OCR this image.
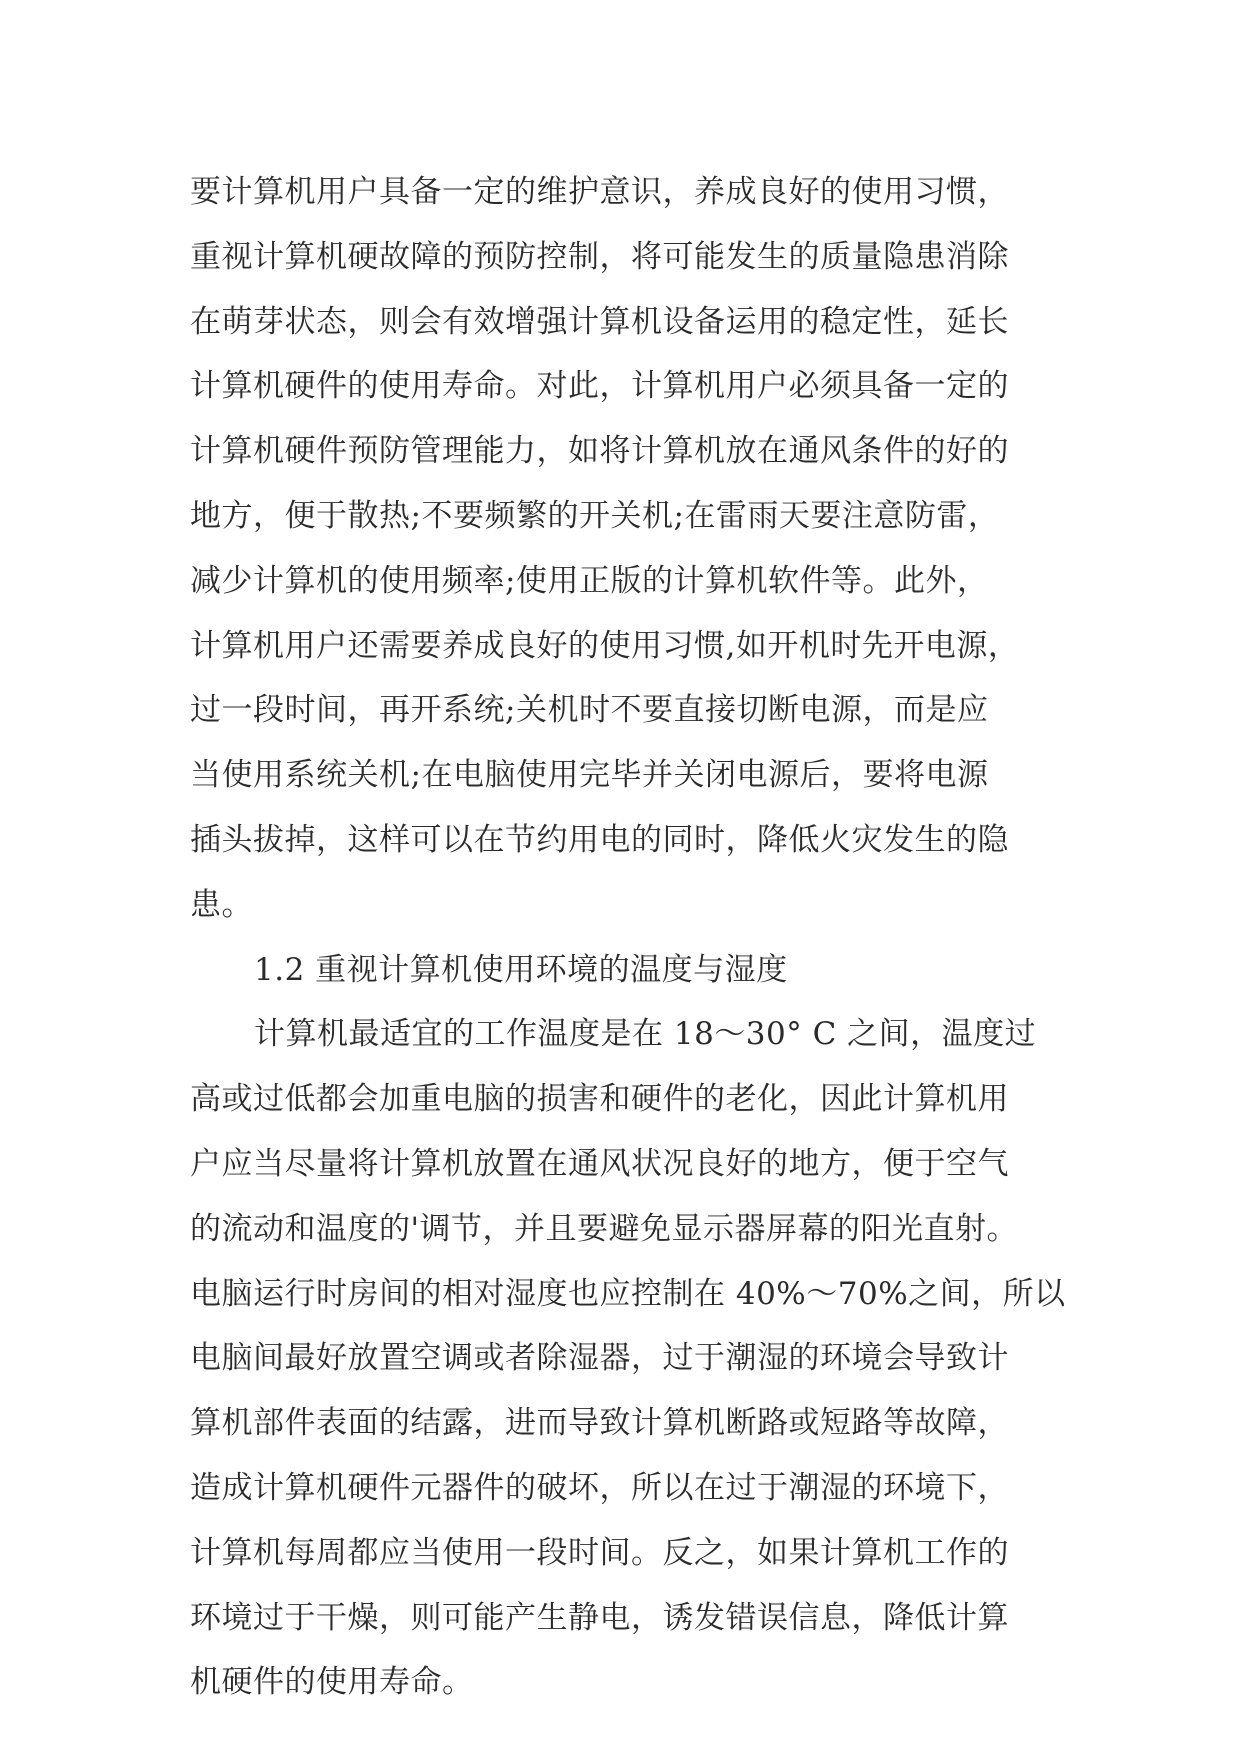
要计算机用户具备一定的维护意识，养成良好的使用习惯，
重视计算机硬故障的预防控制，将可能发生的质量隐患消除
在萌芽状态，则会有效增强计算机设备运用的稳定性，延长
计算机硬件的使用寿命。对此，计算机用户必须具备一定的
计算机硬件预防管理能力，如将计算机放在通风条件的好的
地方，便于散热;不要频繁的开关机;在雷雨天要注意防雷，
减少计算机的使用频率;使用正版的计算机软件等。此外，
计算机用户还需要养成良好的使用习惯,如开机时先开电源，
过一段时间，再开系统;关机时不要直接切断电源，而是应
当使用系统关机;在电脑使用完毕并关闭电源后，要将电源
插头拔掉，这样可以在节约用电的同时，降低火灾发生的隐
患。
1.2 重视计算机使用环境的温度与湿度
计算机最适宜的工作温度是在 18～30° C 之间，温度过
高或过低都会加重电脑的损害和硬件的老化，因此计算机用
户应当尽量将计算机放置在通风状况良好的地方，便于空气
的流动和温度的'调节，并且要避免显示器屏幕的阳光直射。
电脑运行时房间的相对湿度也应控制在 40%～70%之间，所以
电脑间最好放置空调或者除湿器，过于潮湿的环境会导致计
算机部件表面的结露，进而导致计算机断路或短路等故障，
造成计算机硬件元器件的破坏，所以在过于潮湿的环境下，
计算机每周都应当使用一段时间。反之，如果计算机工作的
环境过于干燥，则可能产生静电，诱发错误信息，降低计算
机硬件的使用寿命。
